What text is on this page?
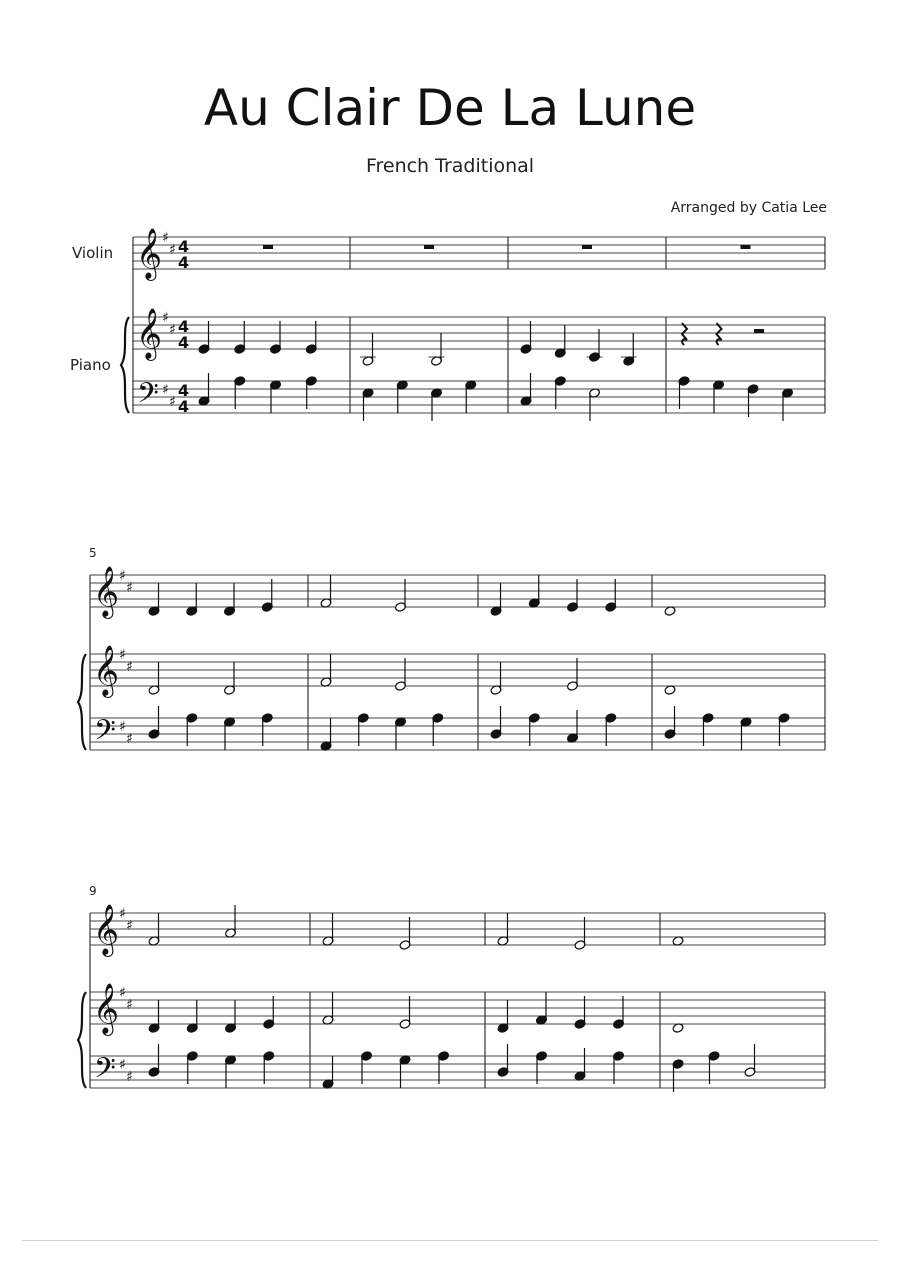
Au Clair De La Lune
French Traditional
Arranged by Catia Lee
Violin
Piano
5
9
𝄞
𝄞
𝄢
♯
♯
♯
♯
♯
♯
4
4
4
4
4
4
𝄞
𝄞
𝄢
♯
♯
♯
♯
♯
♯
𝄞
𝄞
𝄢
♯
♯
♯
♯
♯
♯
